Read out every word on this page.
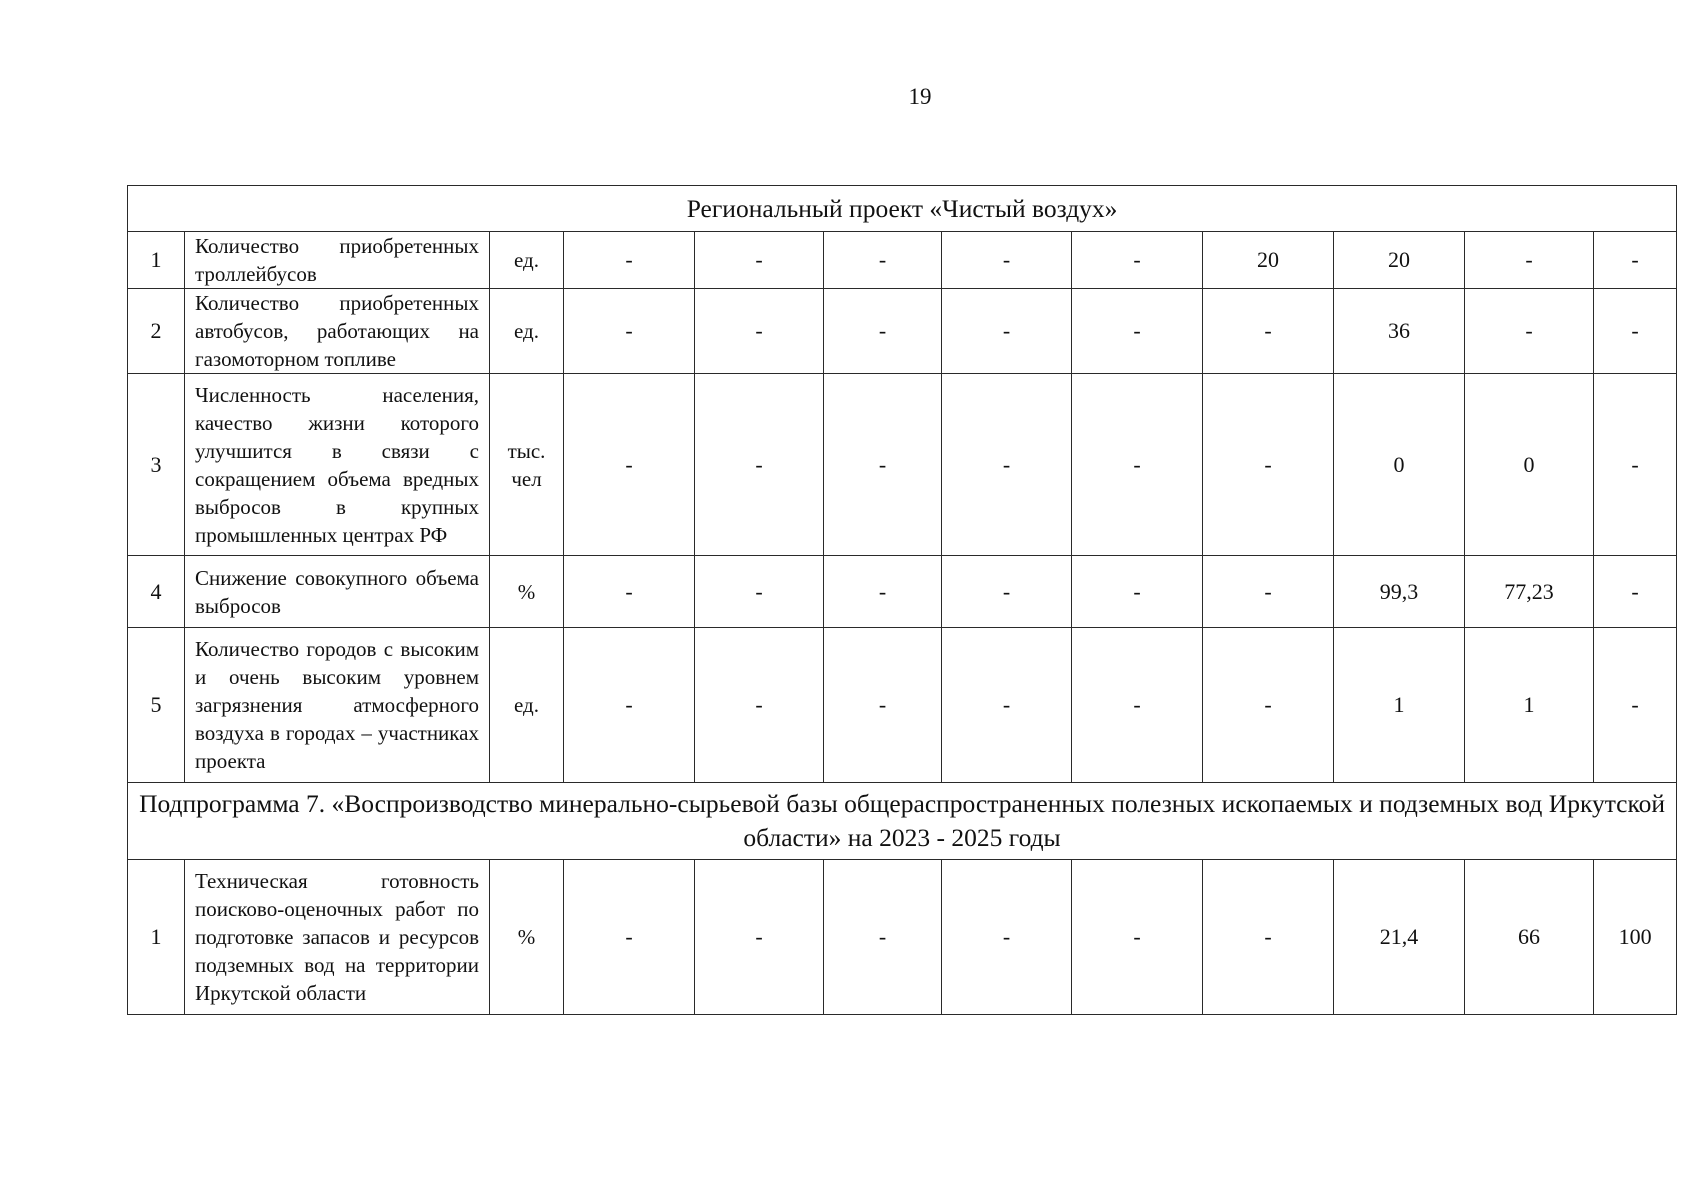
19
Региональный проект «Чистый воздух»											
1	Количество приобретенных троллейбусов	ед.	-	-	-	-	-	20	20	-	-
2	Количество приобретенных автобусов, работающих на газомоторном топливе	ед.	-	-	-	-	-	-	36	-	-
3	Численность населения, качество жизни которого улучшится в связи с сокращением объема вредных выбросов в крупных промышленных центрах РФ	тыс. чел	-	-	-	-	-	-	0	0	-
4	Снижение совокупного объема выбросов	%	-	-	-	-	-	-	99,3	77,23	-
5	Количество городов с высоким и очень высоким уровнем загрязнения атмосферного воздуха в городах – участниках проекта	ед.	-	-	-	-	-	-	1	1	-
Подпрограмма 7. «Воспроизводство минерально-сырьевой базы общераспространенных полезных ископаемых и подземных вод Иркутской области» на 2023 - 2025 годы											
1	Техническая готовность поисково-оценочных работ по подготовке запасов и ресурсов подземных вод на территории Иркутской области	%	-	-	-	-	-	-	21,4	66	100
